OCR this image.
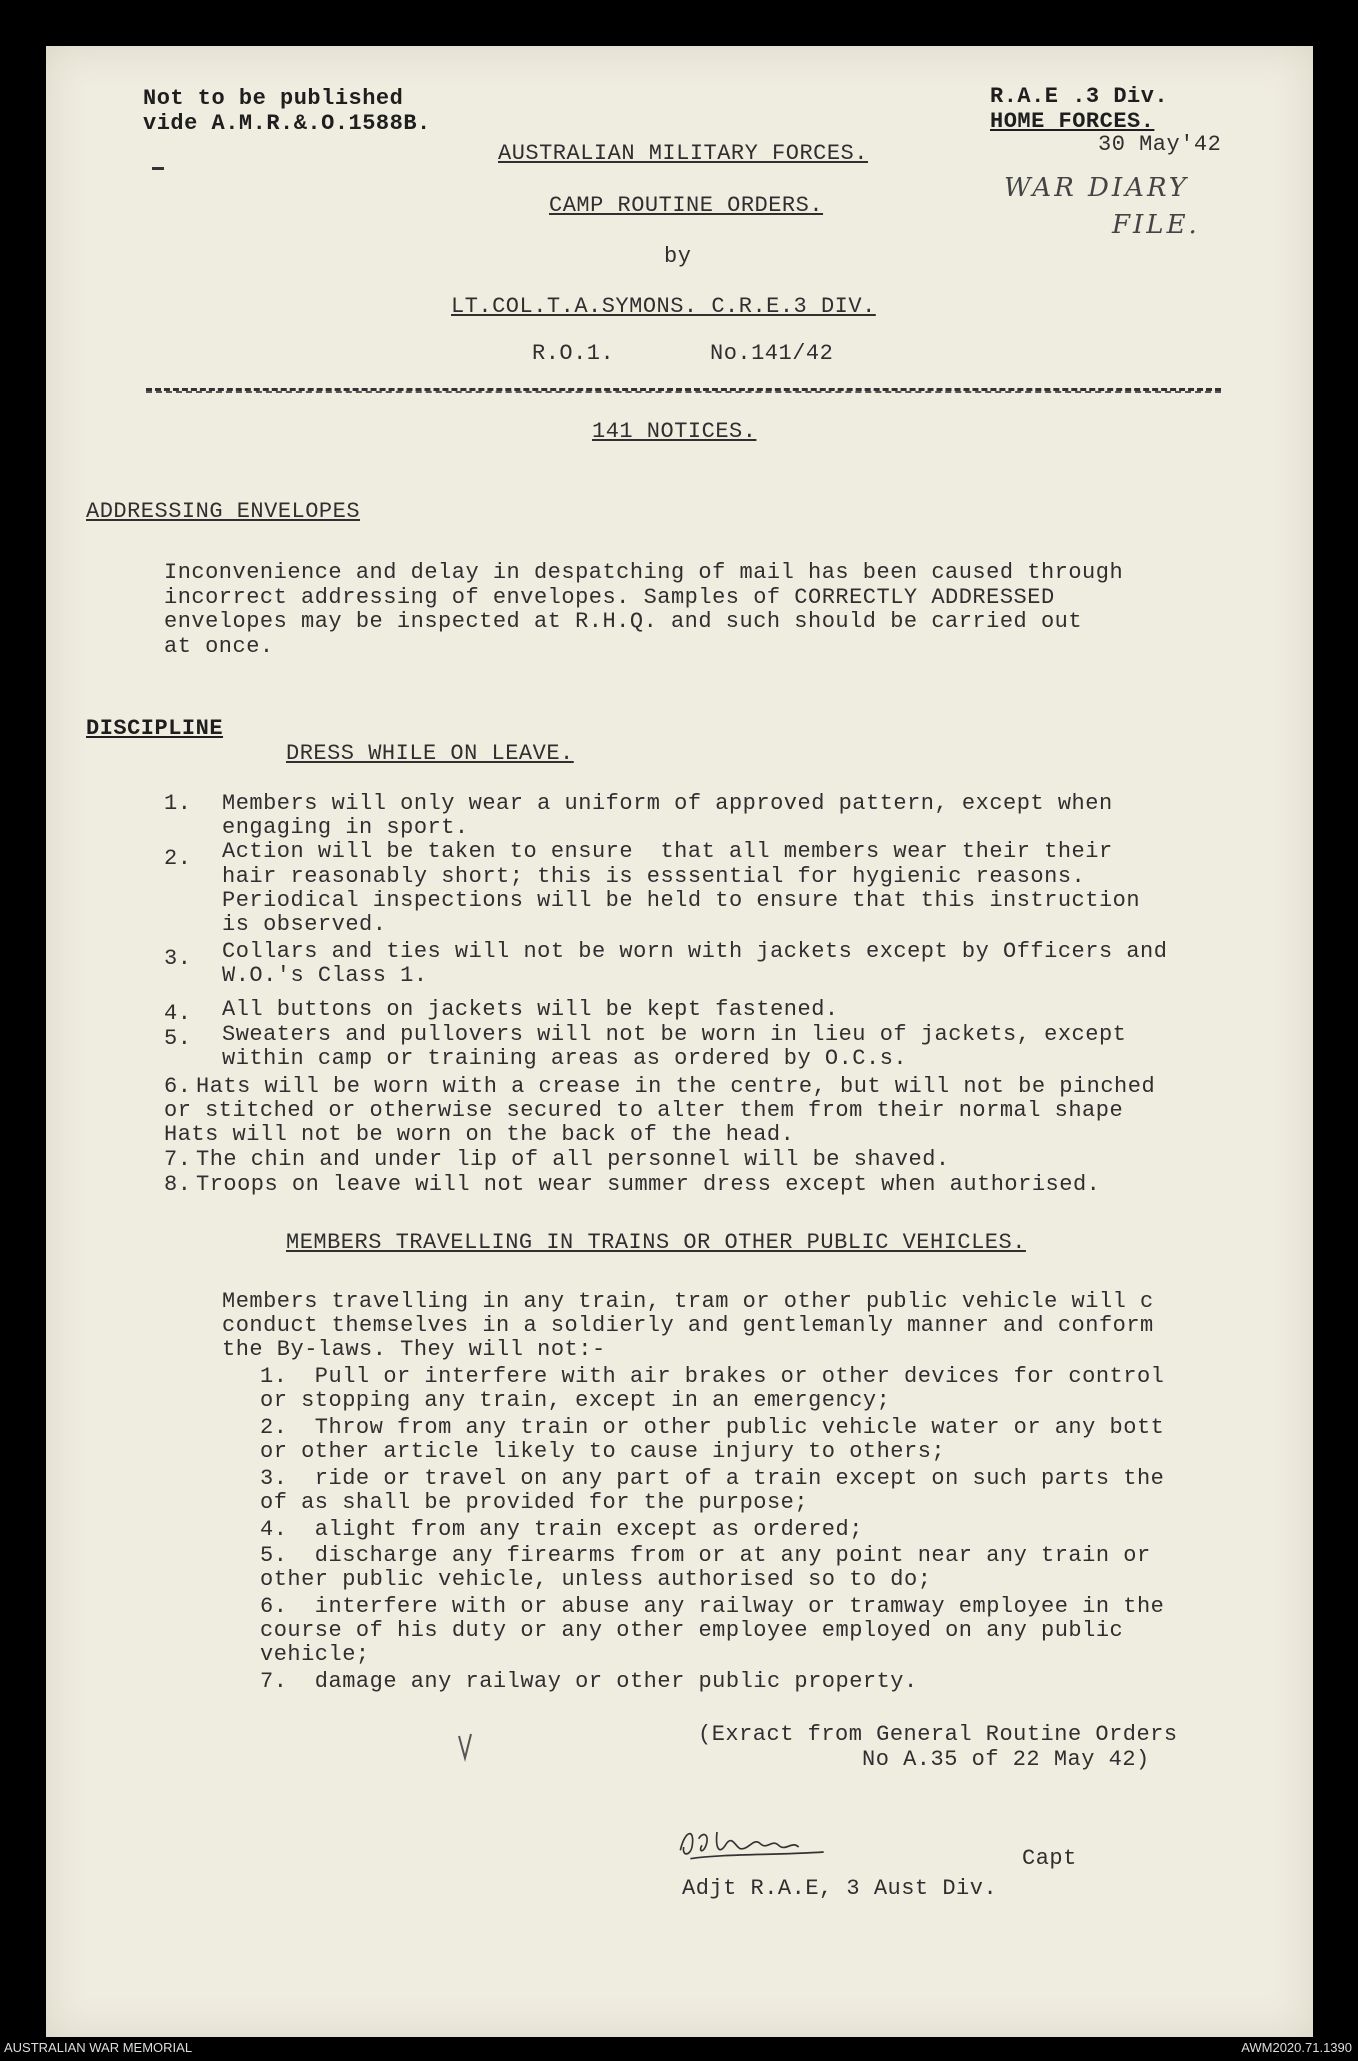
Not to be published
vide A.M.R.&.O.1588B.
R.A.E .3 Div.
HOME FORCES.
30 May'42
WAR DIARY
FILE.
AUSTRALIAN MILITARY FORCES.
CAMP ROUTINE ORDERS.
by
LT.COL.T.A.SYMONS. C.R.E.3 DIV.
R.O.1.	No.141/42
141 NOTICES.
ADDRESSING ENVELOPES
Inconvenience and delay in despatching of mail has been caused through
incorrect addressing of envelopes. Samples of CORRECTLY ADDRESSED
envelopes may be inspected at R.H.Q. and such should be carried out
at once.
DISCIPLINE
DRESS WHILE ON LEAVE.
1. Members will only wear a uniform of approved pattern, except when
engaging in sport.
2. Action will be taken to ensure  that all members wear their their
hair reasonably short; this is esssential for hygienic reasons.
Periodical inspections will be held to ensure that this instruction
is observed.
3. Collars and ties will not be worn with jackets except by Officers and
W.O.'s Class 1.
4. All buttons on jackets will be kept fastened.
5. Sweaters and pullovers will not be worn in lieu of jackets, except
within camp or training areas as ordered by O.C.s.
6. Hats will be worn with a crease in the centre, but will not be pinched
or stitched or otherwise secured to alter them from their normal shape
Hats will not be worn on the back of the head.
7. The chin and under lip of all personnel will be shaved.
8. Troops on leave will not wear summer dress except when authorised.
MEMBERS TRAVELLING IN TRAINS OR OTHER PUBLIC VEHICLES.
Members travelling in any train, tram or other public vehicle will c
conduct themselves in a soldierly and gentlemanly manner and conform
the By-laws. They will not:-
1.  Pull or interfere with air brakes or other devices for control
or stopping any train, except in an emergency;
2.  Throw from any train or other public vehicle water or any bott
or other article likely to cause injury to others;
3.  ride or travel on any part of a train except on such parts the
of as shall be provided for the purpose;
4.  alight from any train except as ordered;
5.  discharge any firearms from or at any point near any train or
other public vehicle, unless authorised so to do;
6.  interfere with or abuse any railway or tramway employee in the
course of his duty or any other employee employed on any public
vehicle;
7.  damage any railway or other public property.
(Exract from General Routine Orders
No A.35 of 22 May 42)
Capt
Adjt R.A.E, 3 Aust Div.
AUSTRALIAN WAR MEMORIAL	AWM2020.71.1390
